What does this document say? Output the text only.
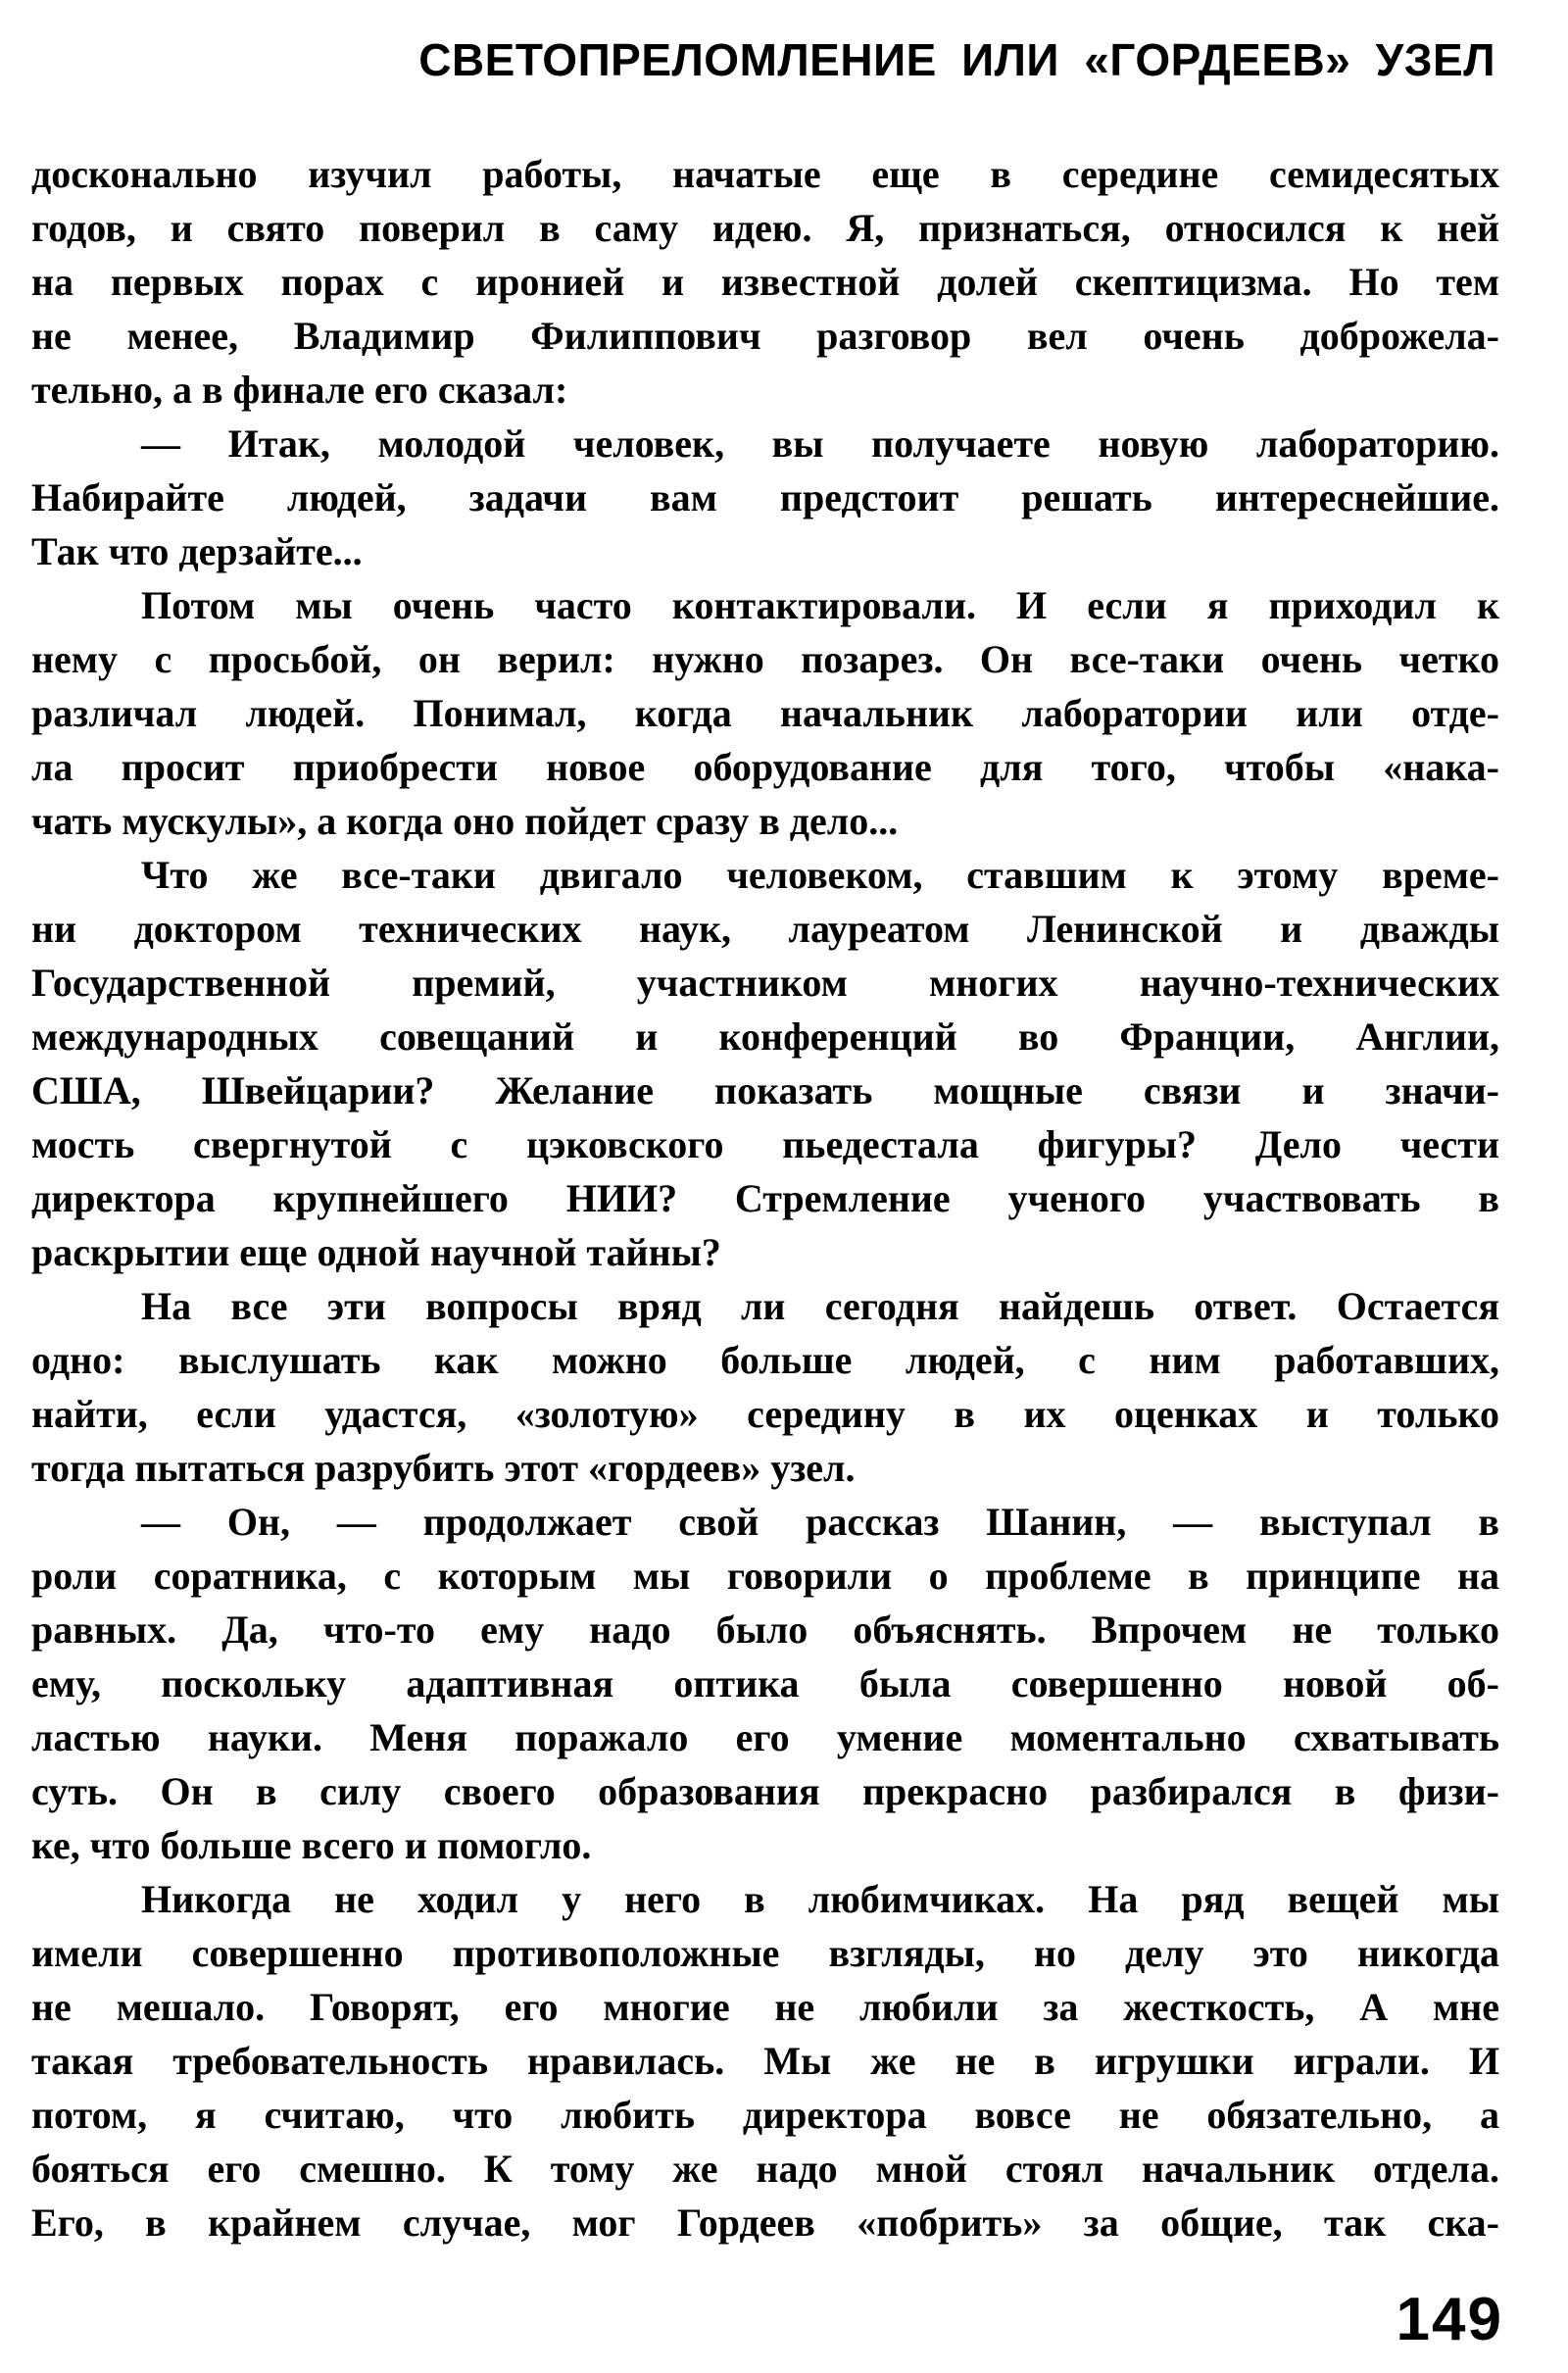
СВЕТОПРЕЛОМЛЕНИЕ ИЛИ «ГОРДЕЕВ» УЗЕЛ
досконально изучил работы, начатые еще в середине семидесятых
годов, и свято поверил в саму идею. Я, признаться, относился к ней
на первых порах с иронией и известной долей скептицизма. Но тем
не менее, Владимир Филиппович разговор вел очень доброжела-
тельно, а в финале его сказал:
— Итак, молодой человек, вы получаете новую лабораторию.
Набирайте людей, задачи вам предстоит решать интереснейшие.
Так что дерзайте...
Потом мы очень часто контактировали. И если я приходил к
нему с просьбой, он верил: нужно позарез. Он все-таки очень четко
различал людей. Понимал, когда начальник лаборатории или отде-
ла просит приобрести новое оборудование для того, чтобы «нака-
чать мускулы», а когда оно пойдет сразу в дело...
Что же все-таки двигало человеком, ставшим к этому време-
ни доктором технических наук, лауреатом Ленинской и дважды
Государственной премий, участником многих научно-технических
международных совещаний и конференций во Франции, Англии,
США, Швейцарии? Желание показать мощные связи и значи-
мость свергнутой с цэковского пьедестала фигуры? Дело чести
директора крупнейшего НИИ? Стремление ученого участвовать в
раскрытии еще одной научной тайны?
На все эти вопросы вряд ли сегодня найдешь ответ. Остается
одно: выслушать как можно больше людей, с ним работавших,
найти, если удастся, «золотую» середину в их оценках и только
тогда пытаться разрубить этот «гордеев» узел.
— Он, — продолжает свой рассказ Шанин, — выступал в
роли соратника, с которым мы говорили о проблеме в принципе на
равных. Да, что-то ему надо было объяснять. Впрочем не только
ему, поскольку адаптивная оптика была совершенно новой об-
ластью науки. Меня поражало его умение моментально схватывать
суть. Он в силу своего образования прекрасно разбирался в физи-
ке, что больше всего и помогло.
Никогда не ходил у него в любимчиках. На ряд вещей мы
имели совершенно противоположные взгляды, но делу это никогда
не мешало. Говорят, его многие не любили за жесткость, А мне
такая требовательность нравилась. Мы же не в игрушки играли. И
потом, я считаю, что любить директора вовсе не обязательно, а
бояться его смешно. К тому же надо мной стоял начальник отдела.
Его, в крайнем случае, мог Гордеев «побрить» за общие, так ска-
149
